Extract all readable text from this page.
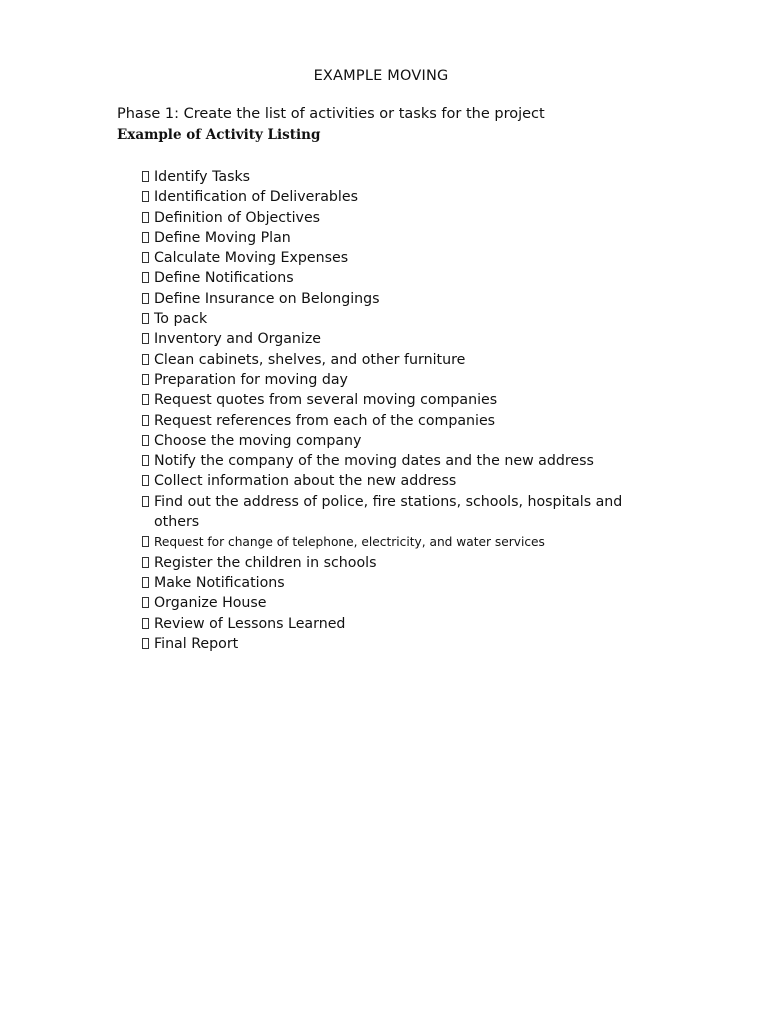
EXAMPLE MOVING
Phase 1: Create the list of activities or tasks for the project
Example of Activity Listing
Identify Tasks
Identification of Deliverables
Definition of Objectives
Define Moving Plan
Calculate Moving Expenses
Define Notifications
Define Insurance on Belongings
To pack
Inventory and Organize
Clean cabinets, shelves, and other furniture
Preparation for moving day
Request quotes from several moving companies
Request references from each of the companies
Choose the moving company
Notify the company of the moving dates and the new address
Collect information about the new address
Find out the address of police, fire stations, schools, hospitals and others
Request for change of telephone, electricity, and water services
Register the children in schools
Make Notifications
Organize House
Review of Lessons Learned
Final Report
